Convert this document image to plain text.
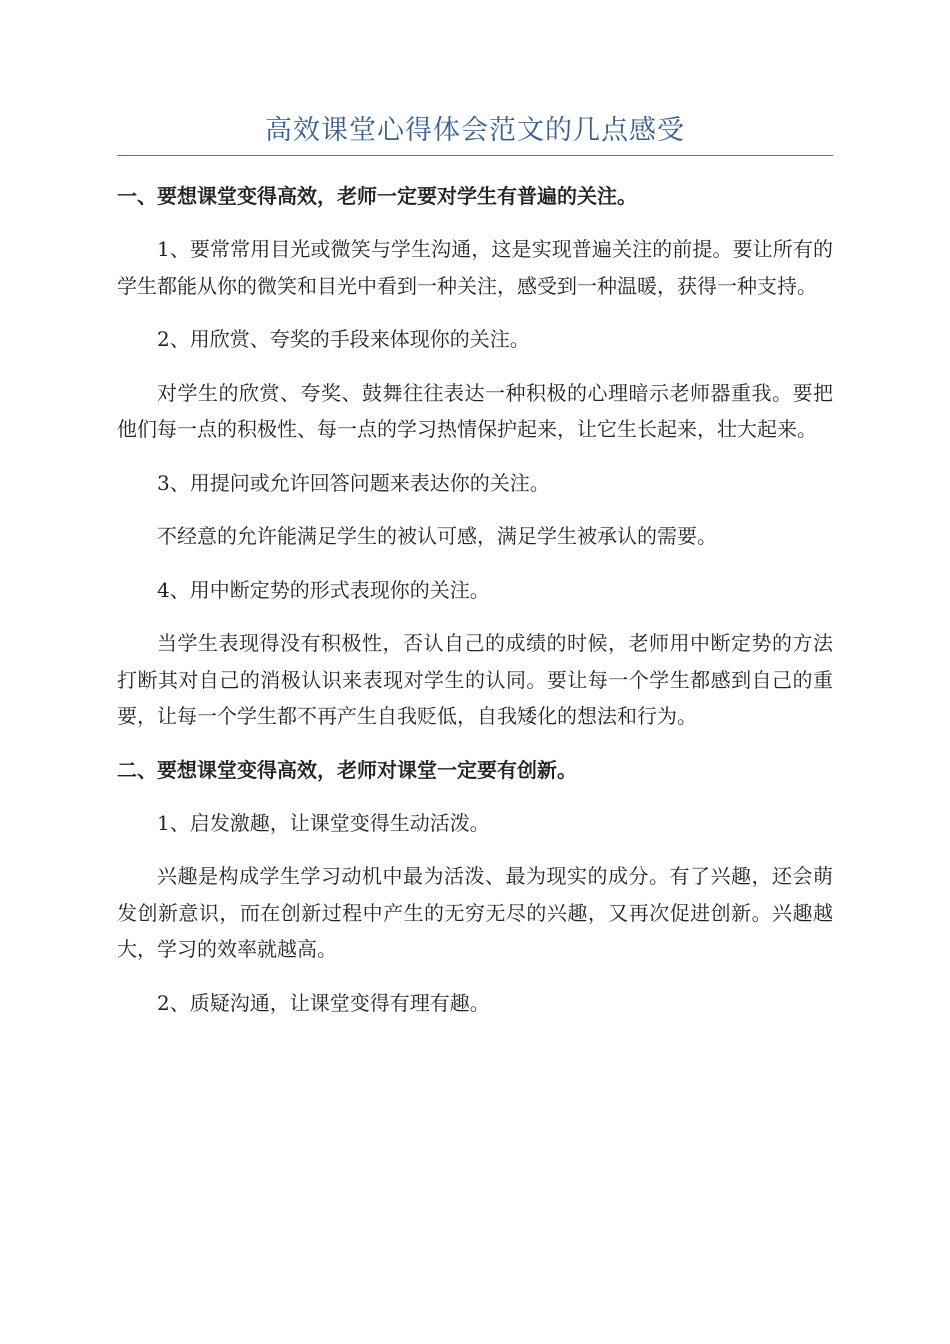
高效课堂心得体会范文的几点感受
一、要想课堂变得高效，老师一定要对学生有普遍的关注。

1、要常常用目光或微笑与学生沟通，这是实现普遍关注的前提。要让所有的学生都能从你的微笑和目光中看到一种关注，感受到一种温暖，获得一种支持。

2、用欣赏、夸奖的手段来体现你的关注。

对学生的欣赏、夸奖、鼓舞往往表达一种积极的心理暗示老师器重我。要把他们每一点的积极性、每一点的学习热情保护起来，让它生长起来，壮大起来。

3、用提问或允许回答问题来表达你的关注。

不经意的允许能满足学生的被认可感，满足学生被承认的需要。

4、用中断定势的形式表现你的关注。

当学生表现得没有积极性，否认自己的成绩的时候，老师用中断定势的方法打断其对自己的消极认识来表现对学生的认同。要让每一个学生都感到自己的重要，让每一个学生都不再产生自我贬低，自我矮化的想法和行为。

二、要想课堂变得高效，老师对课堂一定要有创新。

1、启发激趣，让课堂变得生动活泼。

兴趣是构成学生学习动机中最为活泼、最为现实的成分。有了兴趣，还会萌发创新意识，而在创新过程中产生的无穷无尽的兴趣，又再次促进创新。兴趣越大，学习的效率就越高。

2、质疑沟通，让课堂变得有理有趣。
